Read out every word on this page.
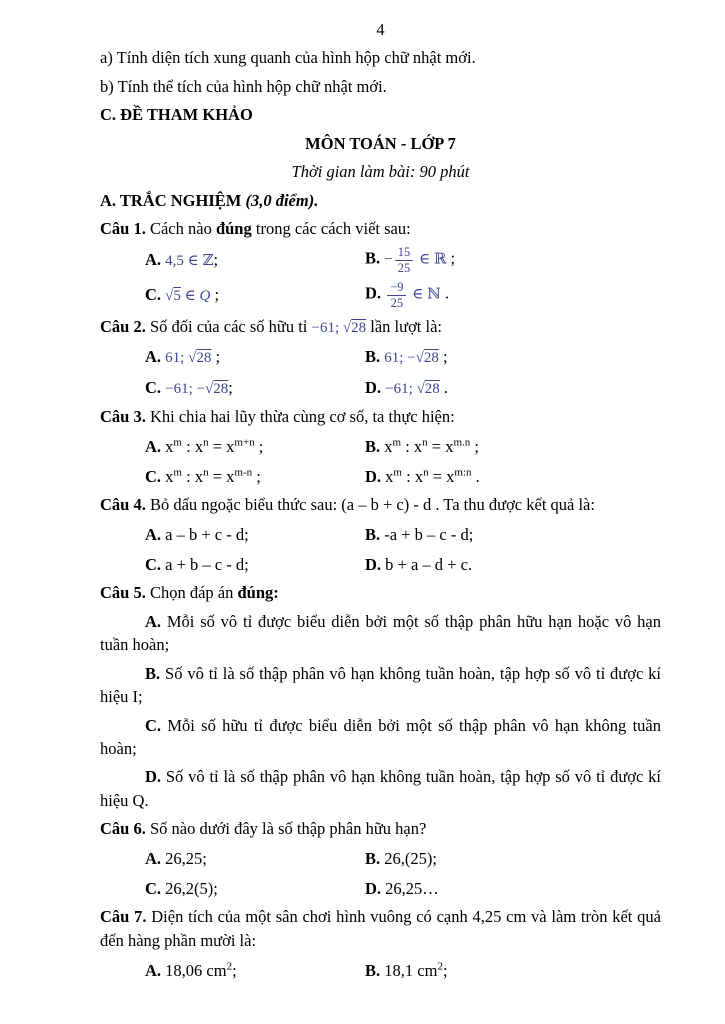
4
a) Tính diện tích xung quanh của hình hộp chữ nhật mới.
b) Tính thể tích của hình hộp chữ nhật mới.
C. ĐỀ THAM KHẢO
MÔN TOÁN - LỚP 7
Thời gian làm bài: 90 phút
A. TRẮC NGHIỆM (3,0 điểm).
Câu 1. Cách nào đúng trong các cách viết sau:
A. 4,5 ∈ ℤ;	B. − $\frac{15}{25}$ ∈ ℝ ;
C. √5 ∈ Q ;	D. $\frac{-9}{25}$ ∈ ℕ .
Câu 2. Số đối của các số hữu tỉ −61; √28 lần lượt là:
A. 61; √28 ;	B. 61; −√28 ;
C. −61; −√28;	D. −61; √28 .
Câu 3. Khi chia hai lũy thừa cùng cơ số, ta thực hiện:
A. $x^m$ : $x^n = x^{m+n}$ ;	B. $x^m$ : $x^n = x^{m.n}$ ;
C. $x^m$ : $x^n = x^{m-n}$ ;	D. $x^m$ : $x^n = x^{m:n}$ .
Câu 4. Bỏ dấu ngoặc biểu thức sau: (a – b + c) - d . Ta thu được kết quả là:
A. a – b + c - d;	B. -a + b – c - d;
C. a + b – c - d;	D. b + a – d + c.
Câu 5. Chọn đáp án đúng:
A. Mỗi số vô tỉ được biểu diễn bởi một số thập phân hữu hạn hoặc vô hạn tuần hoàn;
B. Số vô tỉ là số thập phân vô hạn không tuần hoàn, tập hợp số vô tỉ được kí hiệu I;
C. Mỗi số hữu tỉ được biểu diễn bởi một số thập phân vô hạn không tuần hoàn;
D. Số vô tỉ là số thập phân vô hạn không tuần hoàn, tập hợp số vô tỉ được kí hiệu Q.
Câu 6. Số nào dưới đây là số thập phân hữu hạn?
A. 26,25;	B. 26,(25);
C. 26,2(5);	D. 26,25…
Câu 7. Diện tích của một sân chơi hình vuông có cạnh 4,25 cm và làm tròn kết quả đến hàng phần mười là:
A. 18,06 $cm^2$;	B. 18,1 $cm^2$;
